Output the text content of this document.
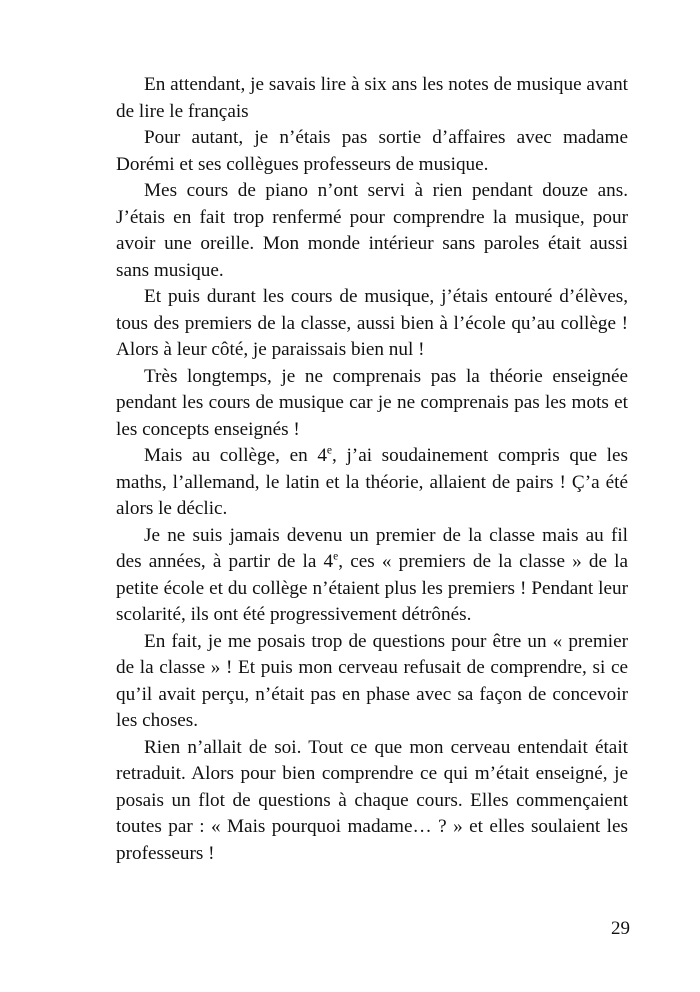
En attendant, je savais lire à six ans les notes de musique avant de lire le français

Pour autant, je n’étais pas sortie d’affaires avec madame Dorémi et ses collègues professeurs de musique.

Mes cours de piano n’ont servi à rien pendant douze ans. J’étais en fait trop renfermé pour comprendre la musique, pour avoir une oreille. Mon monde intérieur sans paroles était aussi sans musique.

Et puis durant les cours de musique, j’étais entouré d’élèves, tous des premiers de la classe, aussi bien à l’école qu’au collège ! Alors à leur côté, je paraissais bien nul !

Très longtemps, je ne comprenais pas la théorie enseignée pendant les cours de musique car je ne comprenais pas les mots et les concepts enseignés !

Mais au collège, en 4e, j’ai soudainement compris que les maths, l’allemand, le latin et la théorie, allaient de pairs ! Ç’a été alors le déclic.

Je ne suis jamais devenu un premier de la classe mais au fil des années, à partir de la 4e, ces « premiers de la classe » de la petite école et du collège n’étaient plus les premiers ! Pendant leur scolarité, ils ont été progressivement détrônés.

En fait, je me posais trop de questions pour être un « premier de la classe » ! Et puis mon cerveau refusait de comprendre, si ce qu’il avait perçu, n’était pas en phase avec sa façon de concevoir les choses.

Rien n’allait de soi. Tout ce que mon cerveau entendait était retraduit. Alors pour bien comprendre ce qui m’était enseigné, je posais un flot de questions à chaque cours. Elles commençaient toutes par : « Mais pourquoi madame… ? » et elles soulaient les professeurs !

29
